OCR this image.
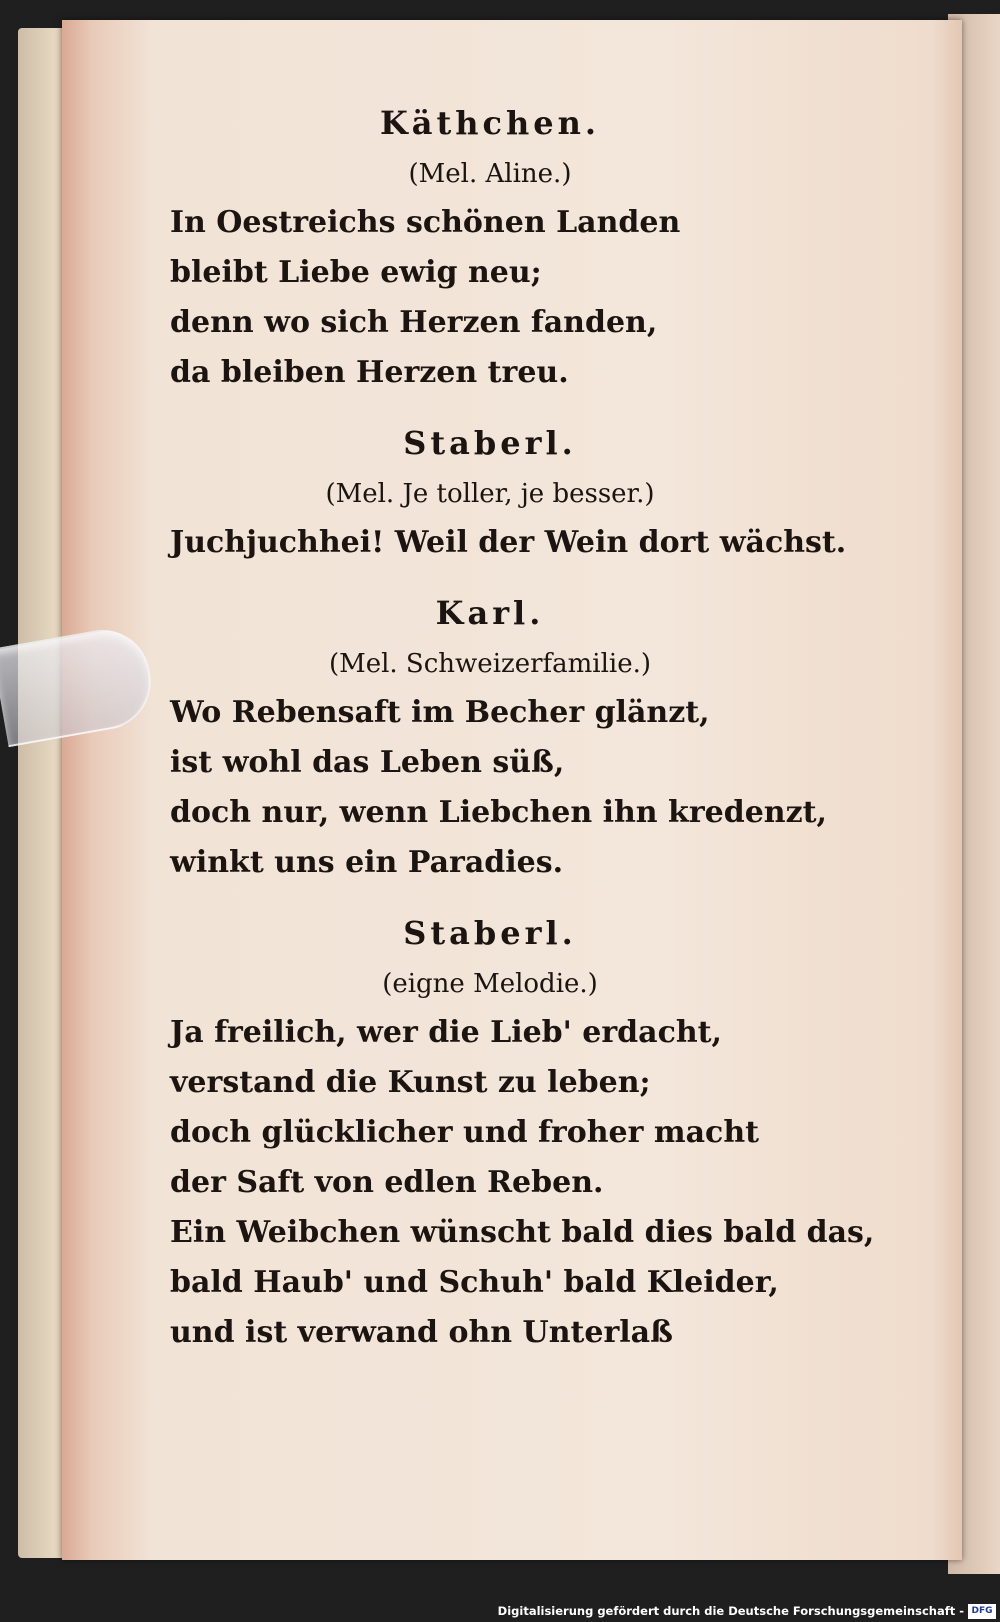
Käthchen.
(Mel. Aline.)
In Oestreichs schönen Landen
bleibt Liebe ewig neu;
denn wo sich Herzen fanden,
da bleiben Herzen treu.
Staberl.
(Mel. Je toller, je besser.)
Juchjuchhei! Weil der Wein dort wächst.
Karl.
(Mel. Schweizerfamilie.)
Wo Rebensaft im Becher glänzt,
ist wohl das Leben süß,
doch nur, wenn Liebchen ihn kredenzt,
winkt uns ein Paradies.
Staberl.
(eigne Melodie.)
Ja freilich, wer die Lieb' erdacht,
verstand die Kunst zu leben;
doch glücklicher und froher macht
der Saft von edlen Reben.
Ein Weibchen wünscht bald dies bald das,
bald Haub' und Schuh' bald Kleider,
und ist verwand ohn Unterlaß
Digitalisierung gefördert durch die Deutsche Forschungsgemeinschaft - DFG
